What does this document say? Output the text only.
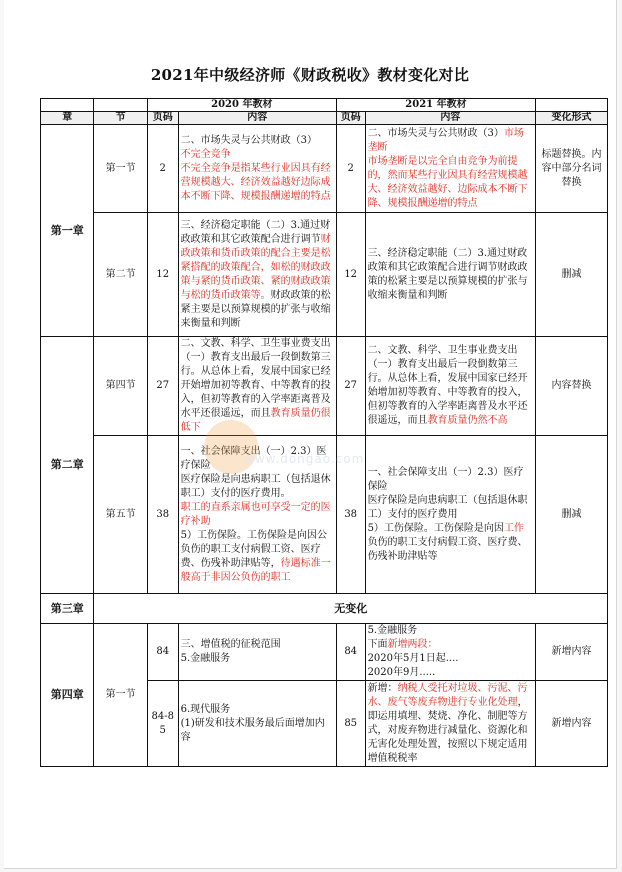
2021年中级经济师《财政税收》教材变化对比
		2020 年教材		2021 年教材		
章	节	页码	内容	页码	内容	变化形式
第一章	第一节	2	二、市场失灵与公共财政（3）
不完全竞争
不完全竞争是指某些行业因具有经营规模越大、经济效益越好边际成本不断下降、规模报酬递增的特点	2	二、市场失灵与公共财政（3）市场垄断
市场垄断是以完全自由竞争为前提的，然而某些行业因具有经营规模越大、经济效益越好、边际成本不断下降、规模报酬递增的特点	标题替换。内容中部分名词替换
	第二节	12	三、经济稳定职能（二）3.通过财政政策和其它政策配合进行调节财政政策和货币政策的配合主要是松紧搭配的政策配合，如松的财政政策与紧的货币政策、紧的财政政策与松的货币政策等。财政政策的松紧主要是以预算规模的扩张与收缩来衡量和判断	12	三、经济稳定职能（二）3.通过财政政策和其它政策配合进行调节财政政策的松紧主要是以预算规模的扩张与收缩来衡量和判断	删减
第二章	第四节	27	二、文教、科学、卫生事业费支出（一）教育支出最后一段倒数第三行。从总体上看，发展中国家已经开始增加初等教育、中等教育的投入，但初等教育的入学率距离普及水平还很遥远，而且教育质量仍很低下	27	二、文教、科学、卫生事业费支出（一）教育支出最后一段倒数第三行。从总体上看，发展中国家已经开始增加初等教育、中等教育的投入，但初等教育的入学率距离普及水平还很遥远，而且教育质量仍然不高	内容替换
	第五节	38	一、社会保障支出（一）2.3）医疗保险
医疗保险是向患病职工（包括退休职工）支付的医疗费用。
职工的直系亲属也可享受一定的医疗补助
5）工伤保险。工伤保险是向因公负伤的职工支付病假工资、医疗费、伤残补助津贴等，待遇标准一般高于非因公负伤的职工	38	一、社会保障支出（一）2.3）医疗保险
医疗保险是向患病职工（包括退休职工）支付的医疗费用
5）工伤保险。工伤保险是向因工作负伤的职工支付病假工资、医疗费、伤残补助津贴等	删减
第三章	无变化					
第四章	第一节	84	三、增值税的征税范围
5.金融服务	84	5.金融服务
下面新增两段：
2020年5月1日起....
2020年9月.....	新增内容
		84-85	6.现代服务
(1)研发和技术服务最后面增加内容	85	新增：纳税人受托对垃圾、污泥、污水、废气等废弃物进行专业化处理，即运用填埋、焚烧、净化、制肥等方式，对废弃物进行减量化、资源化和无害化处理处置，按照以下规定适用增值税税率	新增内容
www.dongao.com
